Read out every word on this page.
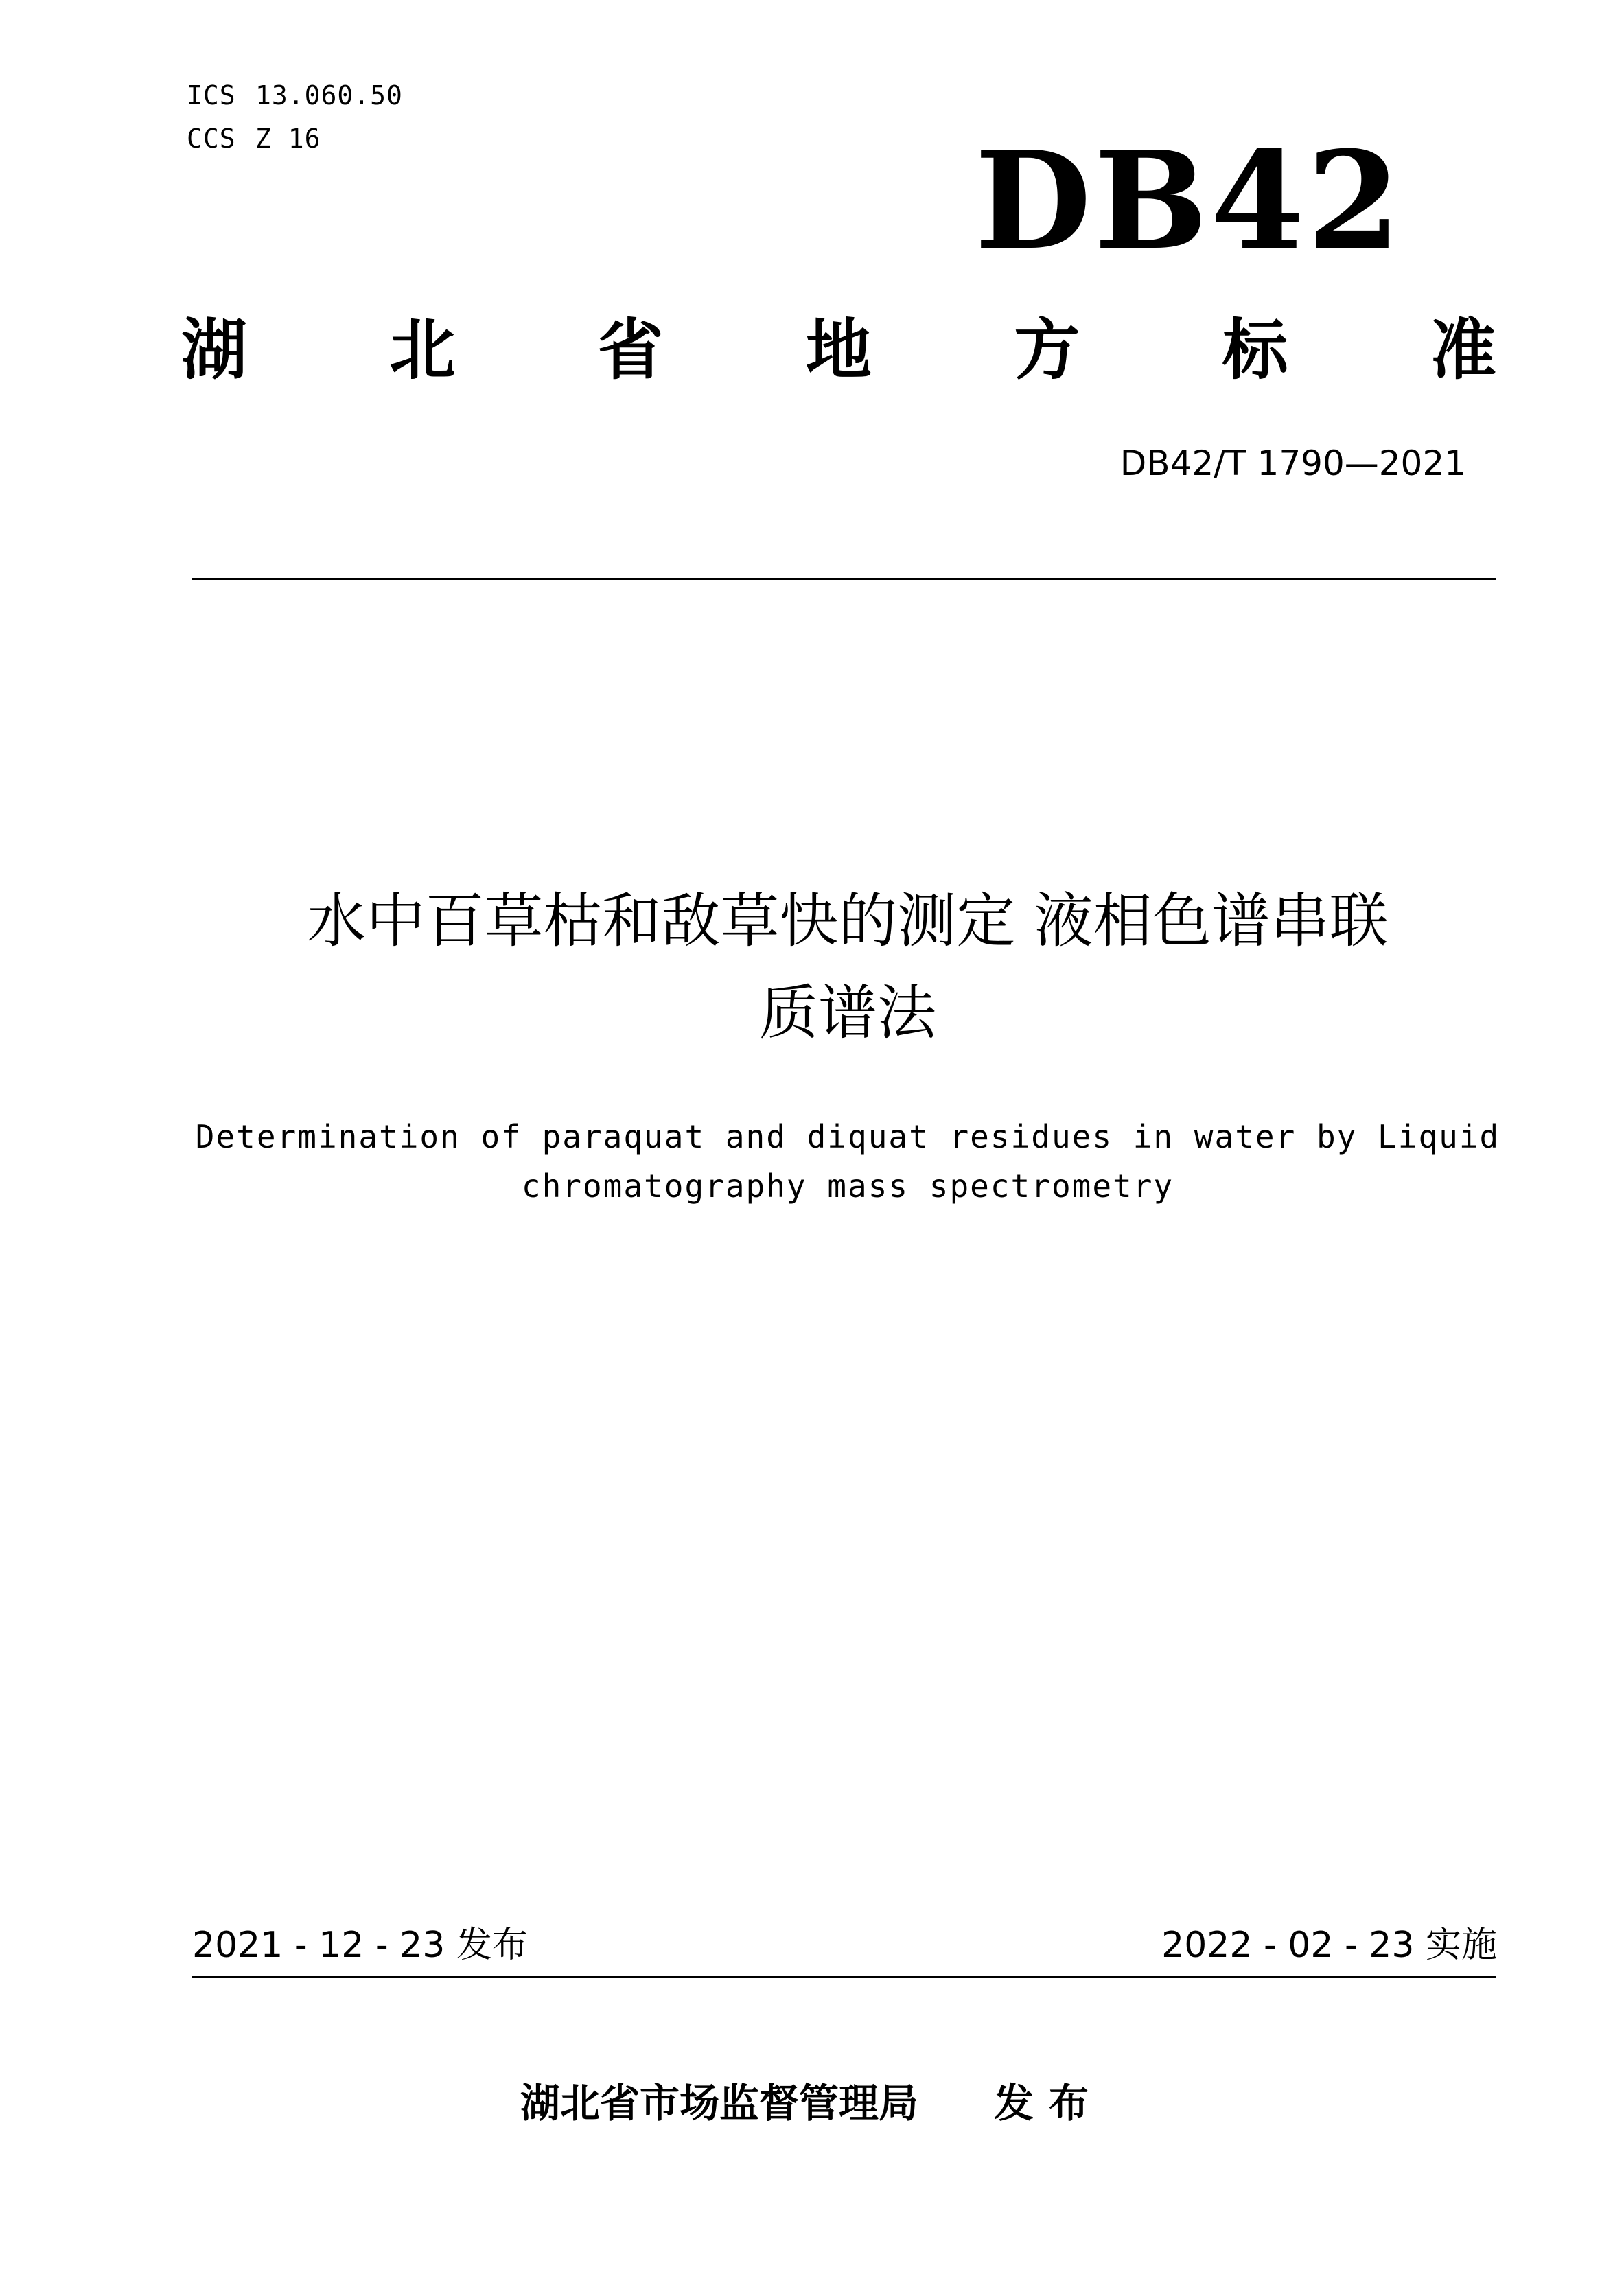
ICS 13.060.50
CCS Z 16	DB42
湖 北 省 地 方 标 准
DB42/T 1790—2021
水中百草枯和敌草快的测定 液相色谱串联
质谱法
Determination of paraquat and diquat residues in water by Liquid
chromatography mass spectrometry
2021 - 12 - 23 发布	2022 - 02 - 23 实施
湖北省市场监督管理局 发布
